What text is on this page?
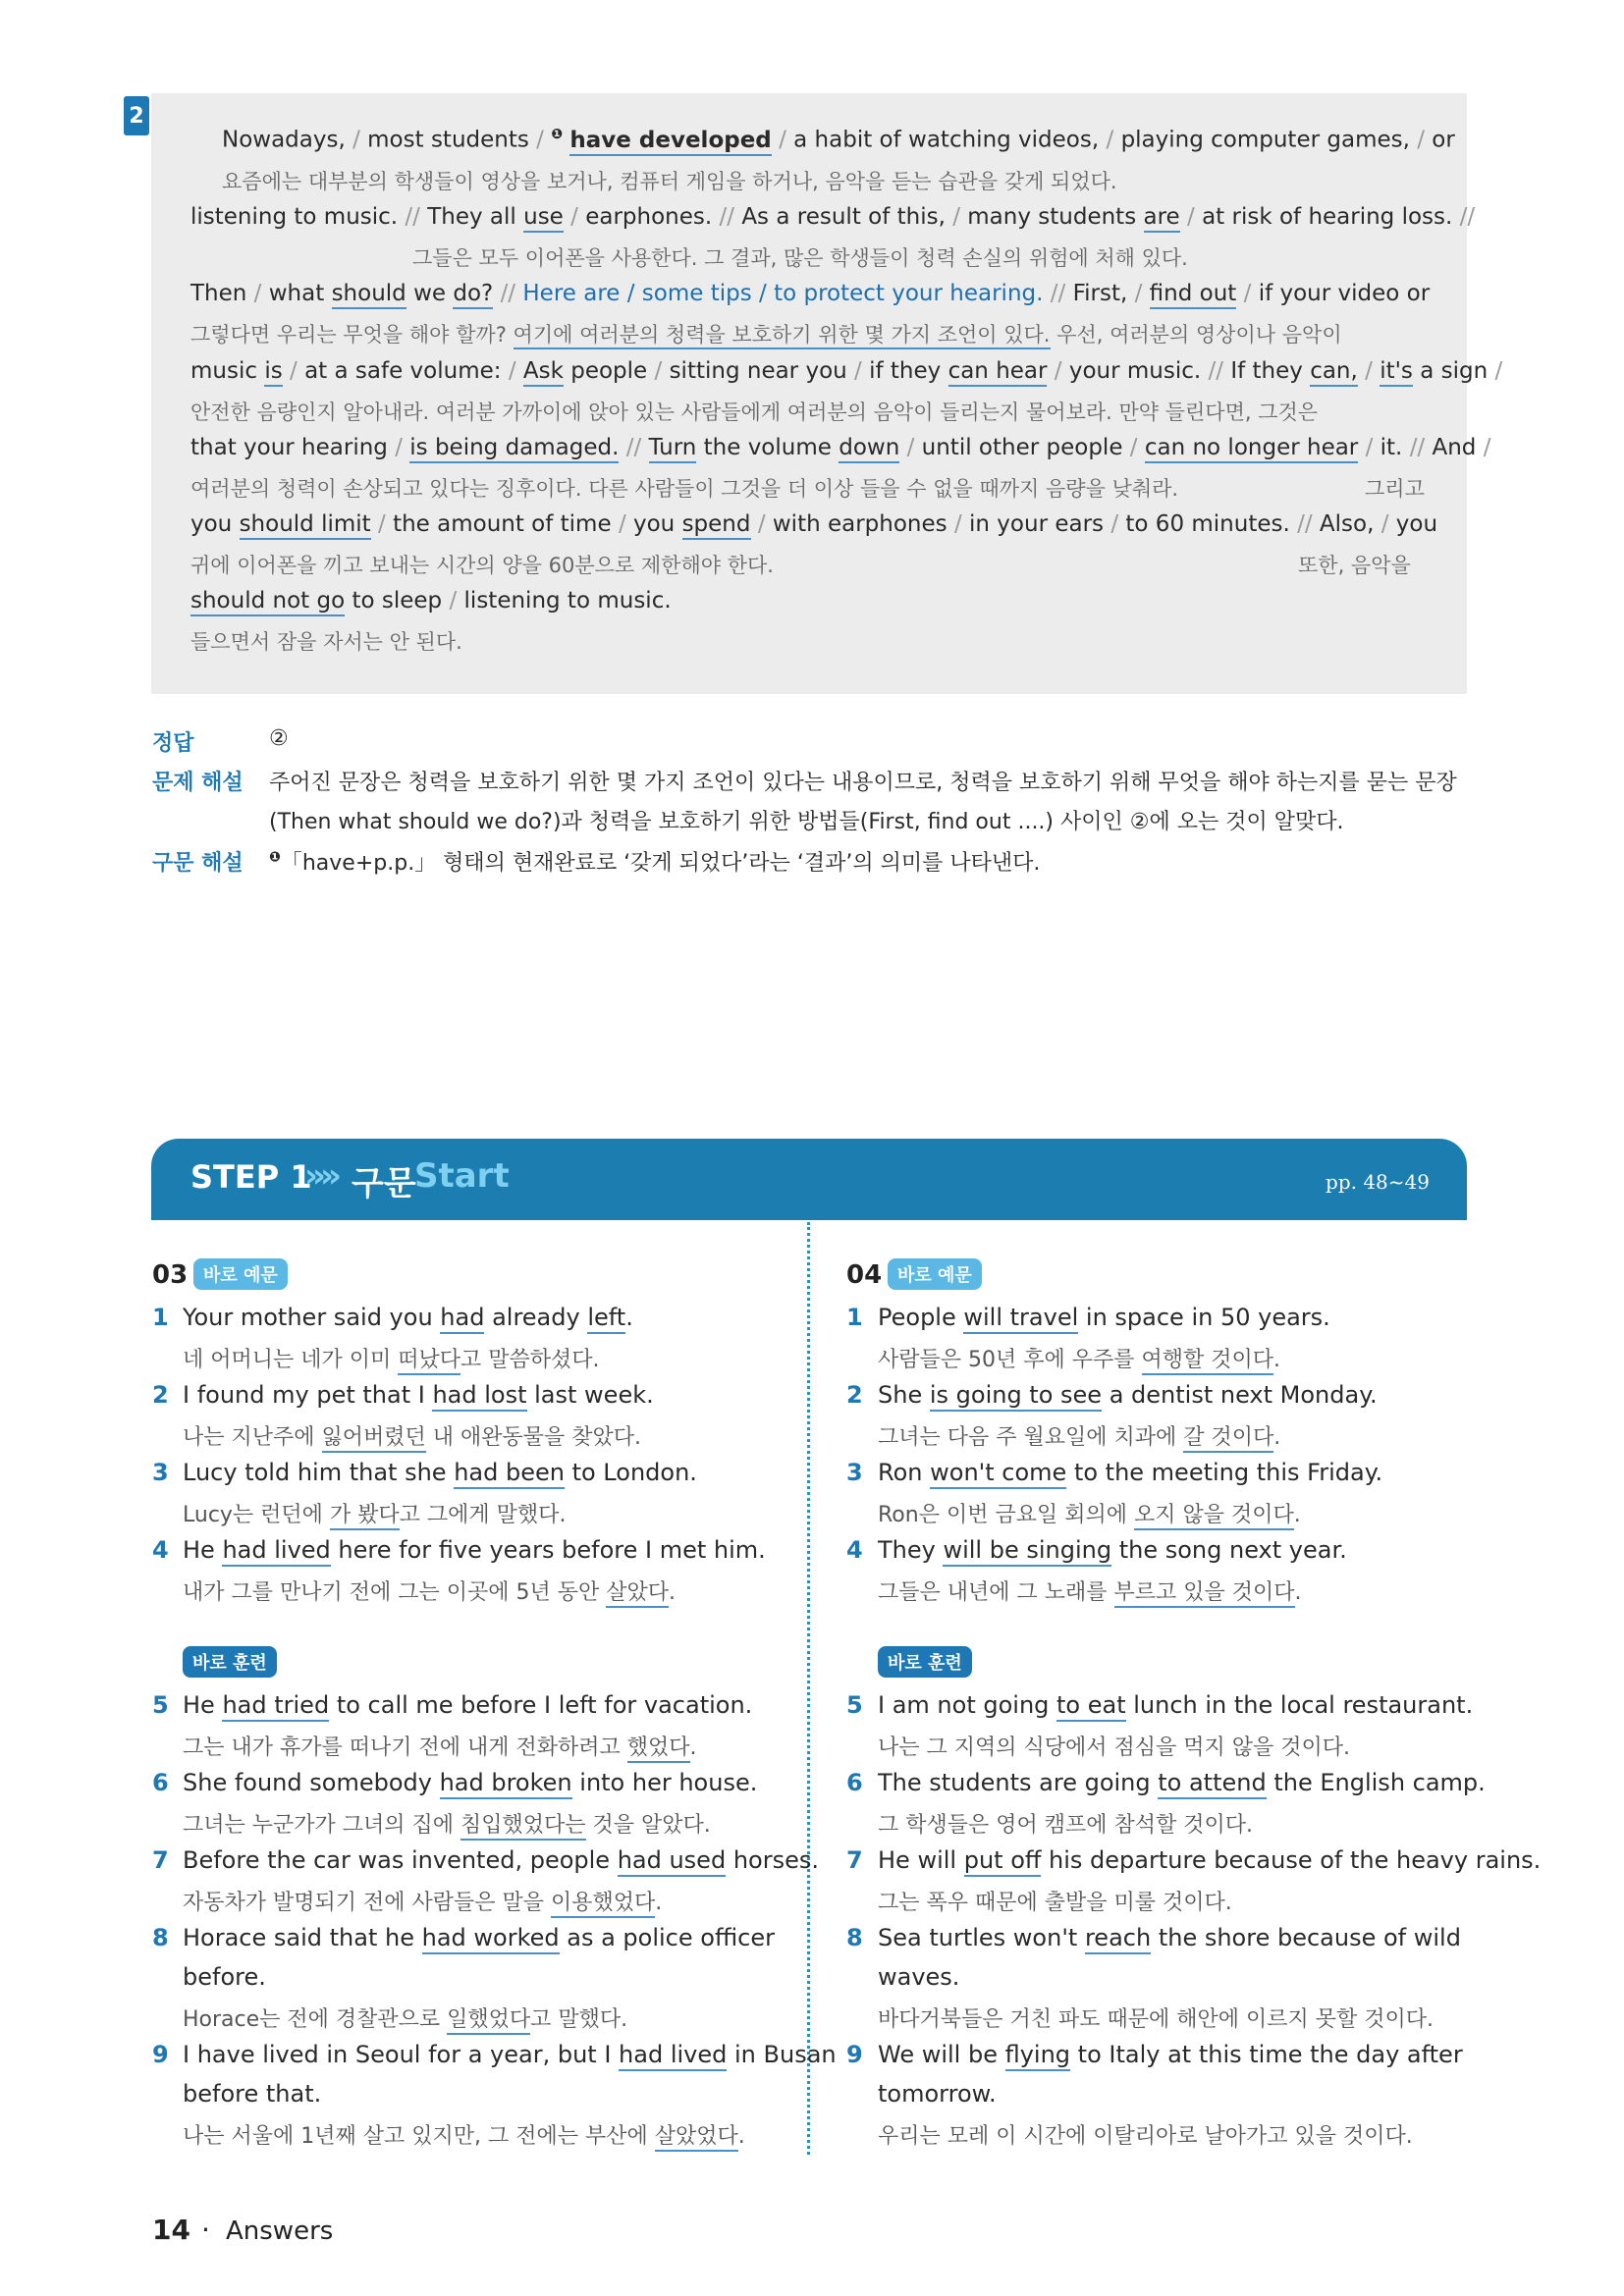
2
Nowadays, / most students / $^❶$ have developed / a habit of watching videos, / playing computer games, / or
요즘에는 대부분의 학생들이 영상을 보거나, 컴퓨터 게임을 하거나, 음악을 듣는 습관을 갖게 되었다.
listening to music. // They all use / earphones. // As a result of this, / many students are / at risk of hearing loss. //
그들은 모두 이어폰을 사용한다. 그 결과, 많은 학생들이 청력 손실의 위험에 처해 있다.
Then / what should we do? // Here are / some tips / to protect your hearing. // First, / find out / if your video or
그렇다면 우리는 무엇을 해야 할까? 여기에 여러분의 청력을 보호하기 위한 몇 가지 조언이 있다. 우선, 여러분의 영상이나 음악이
music is / at a safe volume: / Ask people / sitting near you / if they can hear / your music. // If they can, / it's a sign /
안전한 음량인지 알아내라. 여러분 가까이에 앉아 있는 사람들에게 여러분의 음악이 들리는지 물어보라. 만약 들린다면, 그것은
that your hearing / is being damaged. // Turn the volume down / until other people / can no longer hear / it. // And /
여러분의 청력이 손상되고 있다는 징후이다. 다른 사람들이 그것을 더 이상 들을 수 없을 때까지 음량을 낮춰라.	그리고
you should limit / the amount of time / you spend / with earphones / in your ears / to 60 minutes. // Also, / you
귀에 이어폰을 끼고 보내는 시간의 양을 60분으로 제한해야 한다.	또한, 음악을
should not go to sleep / listening to music.
들으면서 잠을 자서는 안 된다.
정답	②
문제 해설 주어진 문장은 청력을 보호하기 위한 몇 가지 조언이 있다는 내용이므로, 청력을 보호하기 위해 무엇을 해야 하는지를 묻는 문장
(Then what should we do?)과 청력을 보호하기 위한 방법들(First, find out ....) 사이인 ②에 오는 것이 알맞다.
구문 해설 $^❶$「have+p.p.」 형태의 현재완료로 ‘갖게 되었다’라는 ‘결과’의 의미를 나타낸다.
STEP 1
»» 구문
Start	pp. 48~49
03 바로 예문
1 Your mother said you had already left.
네 어머니는 네가 이미 떠났다고 말씀하셨다.
2 I found my pet that I had lost last week.
나는 지난주에 잃어버렸던 내 애완동물을 찾았다.
3 Lucy told him that she had been to London.
Lucy는 런던에 가 봤다고 그에게 말했다.
4 He had lived here for five years before I met him.
내가 그를 만나기 전에 그는 이곳에 5년 동안 살았다.
5 He had tried to call me before I left for vacation.
그는 내가 휴가를 떠나기 전에 내게 전화하려고 했었다.
6 She found somebody had broken into her house.
그녀는 누군가가 그녀의 집에 침입했었다는 것을 알았다.
7 Before the car was invented, people had used horses.
자동차가 발명되기 전에 사람들은 말을 이용했었다.
8 Horace said that he had worked as a police officer
before.
Horace는 전에 경찰관으로 일했었다고 말했다.
9 I have lived in Seoul for a year, but I had lived in Busan
before that.
나는 서울에 1년째 살고 있지만, 그 전에는 부산에 살았었다.
바로 훈련
04 바로 예문
1 People will travel in space in 50 years.
사람들은 50년 후에 우주를 여행할 것이다.
2 She is going to see a dentist next Monday.
그녀는 다음 주 월요일에 치과에 갈 것이다.
3 Ron won't come to the meeting this Friday.
Ron은 이번 금요일 회의에 오지 않을 것이다.
4 They will be singing the song next year.
그들은 내년에 그 노래를 부르고 있을 것이다.
5 I am not going to eat lunch in the local restaurant.
나는 그 지역의 식당에서 점심을 먹지 않을 것이다.
6 The students are going to attend the English camp.
그 학생들은 영어 캠프에 참석할 것이다.
7 He will put off his departure because of the heavy rains.
그는 폭우 때문에 출발을 미룰 것이다.
8 Sea turtles won't reach the shore because of wild
waves.
바다거북들은 거친 파도 때문에 해안에 이르지 못할 것이다.
9 We will be flying to Italy at this time the day after
tomorrow.
우리는 모레 이 시간에 이탈리아로 날아가고 있을 것이다.
바로 훈련
14 · Answers
